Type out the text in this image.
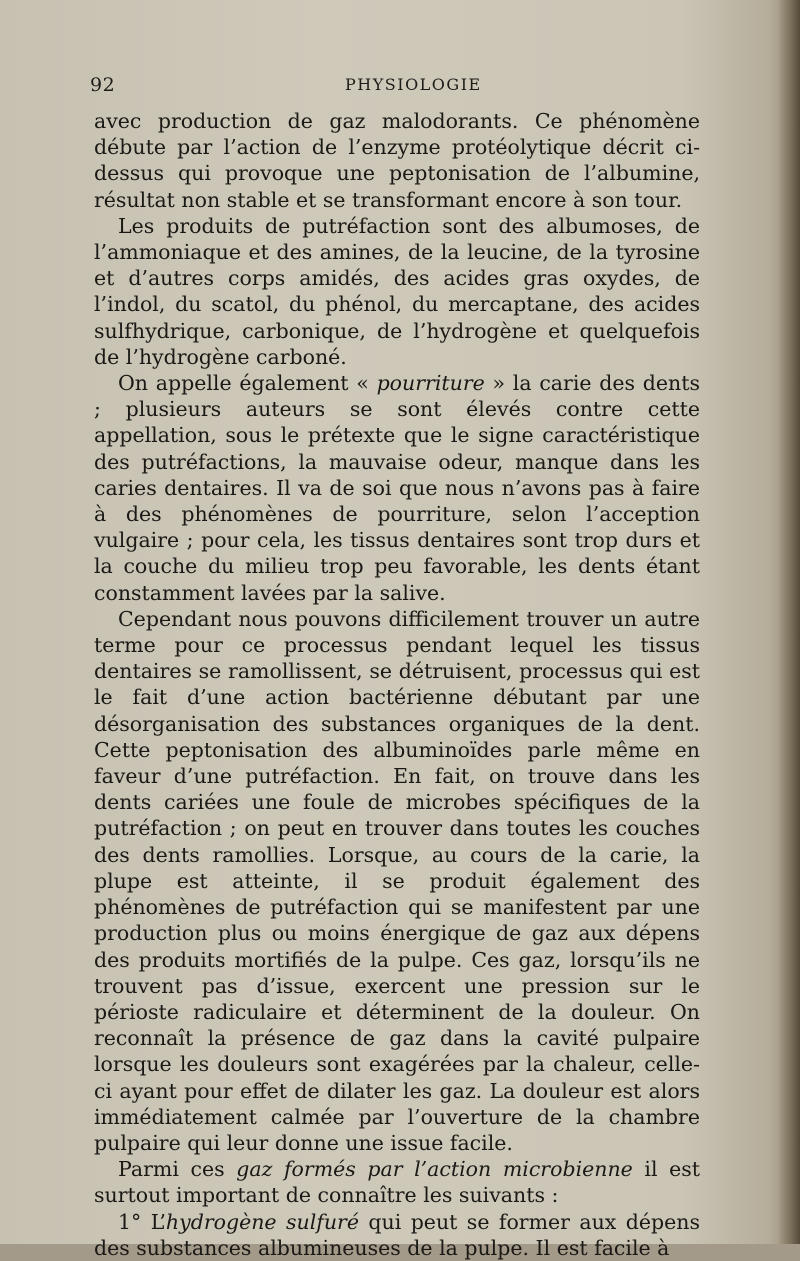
92	PHYSIOLOGIE

avec production de gaz malodorants. Ce phénomène débute par l’action de l’enzyme protéolytique décrit ci-dessus qui provoque une peptonisation de l’albumine, résultat non stable et se transformant encore à son tour.

Les produits de putréfaction sont des albumoses, de l’ammoniaque et des amines, de la leucine, de la tyrosine et d’autres corps amidés, des acides gras oxydes, de l’indol, du scatol, du phénol, du mercaptane, des acides sulfhydrique, carbonique, de l’hydrogène et quelquefois de l’hydrogène carboné.

On appelle également « pourriture » la carie des dents ; plusieurs auteurs se sont élevés contre cette appellation, sous le prétexte que le signe caractéristique des putréfactions, la mauvaise odeur, manque dans les caries dentaires. Il va de soi que nous n’avons pas à faire à des phénomènes de pourriture, selon l’acception vulgaire ; pour cela, les tissus dentaires sont trop durs et la couche du milieu trop peu favorable, les dents étant constamment lavées par la salive.

Cependant nous pouvons difficilement trouver un autre terme pour ce processus pendant lequel les tissus dentaires se ramollissent, se détruisent, processus qui est le fait d’une action bactérienne débutant par une désorganisation des substances organiques de la dent. Cette peptonisation des albuminoïdes parle même en faveur d’une putréfaction. En fait, on trouve dans les dents cariées une foule de microbes spécifiques de la putréfaction ; on peut en trouver dans toutes les couches des dents ramollies. Lorsque, au cours de la carie, la plupe est atteinte, il se produit également des phénomènes de putréfaction qui se manifestent par une production plus ou moins énergique de gaz aux dépens des produits mortifiés de la pulpe. Ces gaz, lorsqu’ils ne trouvent pas d’issue, exercent une pression sur le périoste radiculaire et déterminent de la douleur. On reconnaît la présence de gaz dans la cavité pulpaire lorsque les douleurs sont exagérées par la chaleur, celle-ci ayant pour effet de dilater les gaz. La douleur est alors immédiatement calmée par l’ouverture de la chambre pulpaire qui leur donne une issue facile.

Parmi ces gaz formés par l’action microbienne il est surtout important de connaître les suivants :

1° L’hydrogène sulfuré qui peut se former aux dépens des substances albumineuses de la pulpe. Il est facile à
